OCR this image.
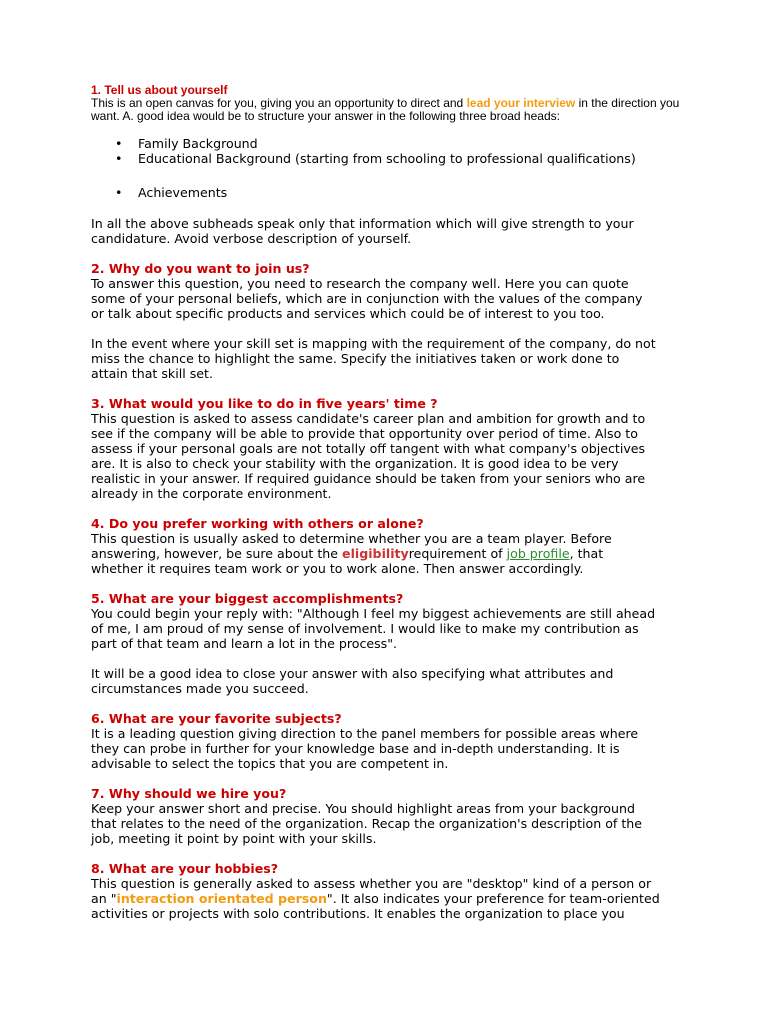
1. Tell us about yourself

This is an open canvas for you, giving you an opportunity to direct and lead your interview in the direction you

want. A. good idea would be to structure your answer in the following three broad heads:

• Family Background
• Educational Background (starting from schooling to professional qualifications)
• Achievements

In all the above subheads speak only that information which will give strength to your

candidature. Avoid verbose description of yourself.

2. Why do you want to join us?

To answer this question, you need to research the company well. Here you can quote

some of your personal beliefs, which are in conjunction with the values of the company

or talk about specific products and services which could be of interest to you too.

In the event where your skill set is mapping with the requirement of the company, do not

miss the chance to highlight the same. Specify the initiatives taken or work done to

attain that skill set.

3. What would you like to do in five years' time ?

This question is asked to assess candidate's career plan and ambition for growth and to

see if the company will be able to provide that opportunity over period of time. Also to

assess if your personal goals are not totally off tangent with what company's objectives

are. It is also to check your stability with the organization. It is good idea to be very

realistic in your answer. If required guidance should be taken from your seniors who are

already in the corporate environment.

4. Do you prefer working with others or alone?

This question is usually asked to determine whether you are a team player. Before

answering, however, be sure about the eligibilityrequirement of job profile, that

whether it requires team work or you to work alone. Then answer accordingly.

5. What are your biggest accomplishments?

You could begin your reply with: "Although I feel my biggest achievements are still ahead

of me, I am proud of my sense of involvement. I would like to make my contribution as

part of that team and learn a lot in the process".

It will be a good idea to close your answer with also specifying what attributes and

circumstances made you succeed.

6. What are your favorite subjects?

It is a leading question giving direction to the panel members for possible areas where

they can probe in further for your knowledge base and in-depth understanding. It is

advisable to select the topics that you are competent in.

7. Why should we hire you?

Keep your answer short and precise. You should highlight areas from your background

that relates to the need of the organization. Recap the organization's description of the

job, meeting it point by point with your skills.

8. What are your hobbies?

This question is generally asked to assess whether you are "desktop" kind of a person or

an "interaction orientated person". It also indicates your preference for team-oriented

activities or projects with solo contributions. It enables the organization to place you
